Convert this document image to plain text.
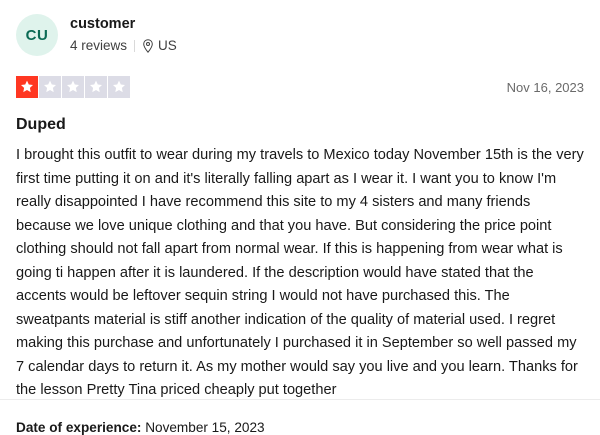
CU
customer
4 reviews US
Nov 16, 2023
Duped
I brought this outfit to wear during my travels to Mexico today November 15th is the very first time putting it on and it's literally falling apart as I wear it. I want you to know I'm really disappointed I have recommend this site to my 4 sisters and many friends because we love unique clothing and that you have. But considering the price point clothing should not fall apart from normal wear. If this is happening from wear what is going ti happen after it is laundered. If the description would have stated that the accents would be leftover sequin string I would not have purchased this. The sweatpants material is stiff another indication of the quality of material used. I regret making this purchase and unfortunately I purchased it in September so well passed my 7 calendar days to return it. As my mother would say you live and you learn. Thanks for the lesson Pretty Tina priced cheaply put together
Date of experience: November 15, 2023
